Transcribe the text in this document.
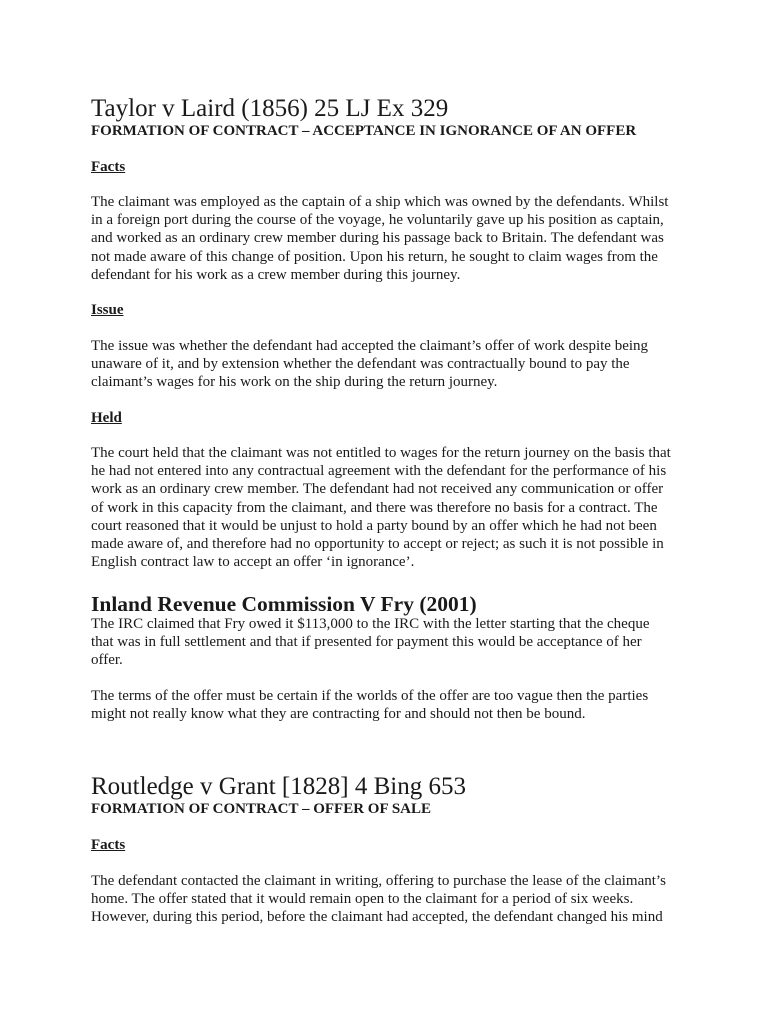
Taylor v Laird (1856) 25 LJ Ex 329
FORMATION OF CONTRACT – ACCEPTANCE IN IGNORANCE OF AN OFFER
Facts
The claimant was employed as the captain of a ship which was owned by the defendants. Whilst
in a foreign port during the course of the voyage, he voluntarily gave up his position as captain,
and worked as an ordinary crew member during his passage back to Britain. The defendant was
not made aware of this change of position. Upon his return, he sought to claim wages from the
defendant for his work as a crew member during this journey.
Issue
The issue was whether the defendant had accepted the claimant’s offer of work despite being
unaware of it, and by extension whether the defendant was contractually bound to pay the
claimant’s wages for his work on the ship during the return journey.
Held
The court held that the claimant was not entitled to wages for the return journey on the basis that
he had not entered into any contractual agreement with the defendant for the performance of his
work as an ordinary crew member. The defendant had not received any communication or offer
of work in this capacity from the claimant, and there was therefore no basis for a contract. The
court reasoned that it would be unjust to hold a party bound by an offer which he had not been
made aware of, and therefore had no opportunity to accept or reject; as such it is not possible in
English contract law to accept an offer ‘in ignorance’.
Inland Revenue Commission V Fry (2001)
The IRC claimed that Fry owed it $113,000 to the IRC with the letter starting that the cheque
that was in full settlement and that if presented for payment this would be acceptance of her
offer.
The terms of the offer must be certain if the worlds of the offer are too vague then the parties
might not really know what they are contracting for and should not then be bound.
Routledge v Grant [1828] 4 Bing 653
FORMATION OF CONTRACT – OFFER OF SALE
Facts
The defendant contacted the claimant in writing, offering to purchase the lease of the claimant’s
home. The offer stated that it would remain open to the claimant for a period of six weeks.
However, during this period, before the claimant had accepted, the defendant changed his mind
